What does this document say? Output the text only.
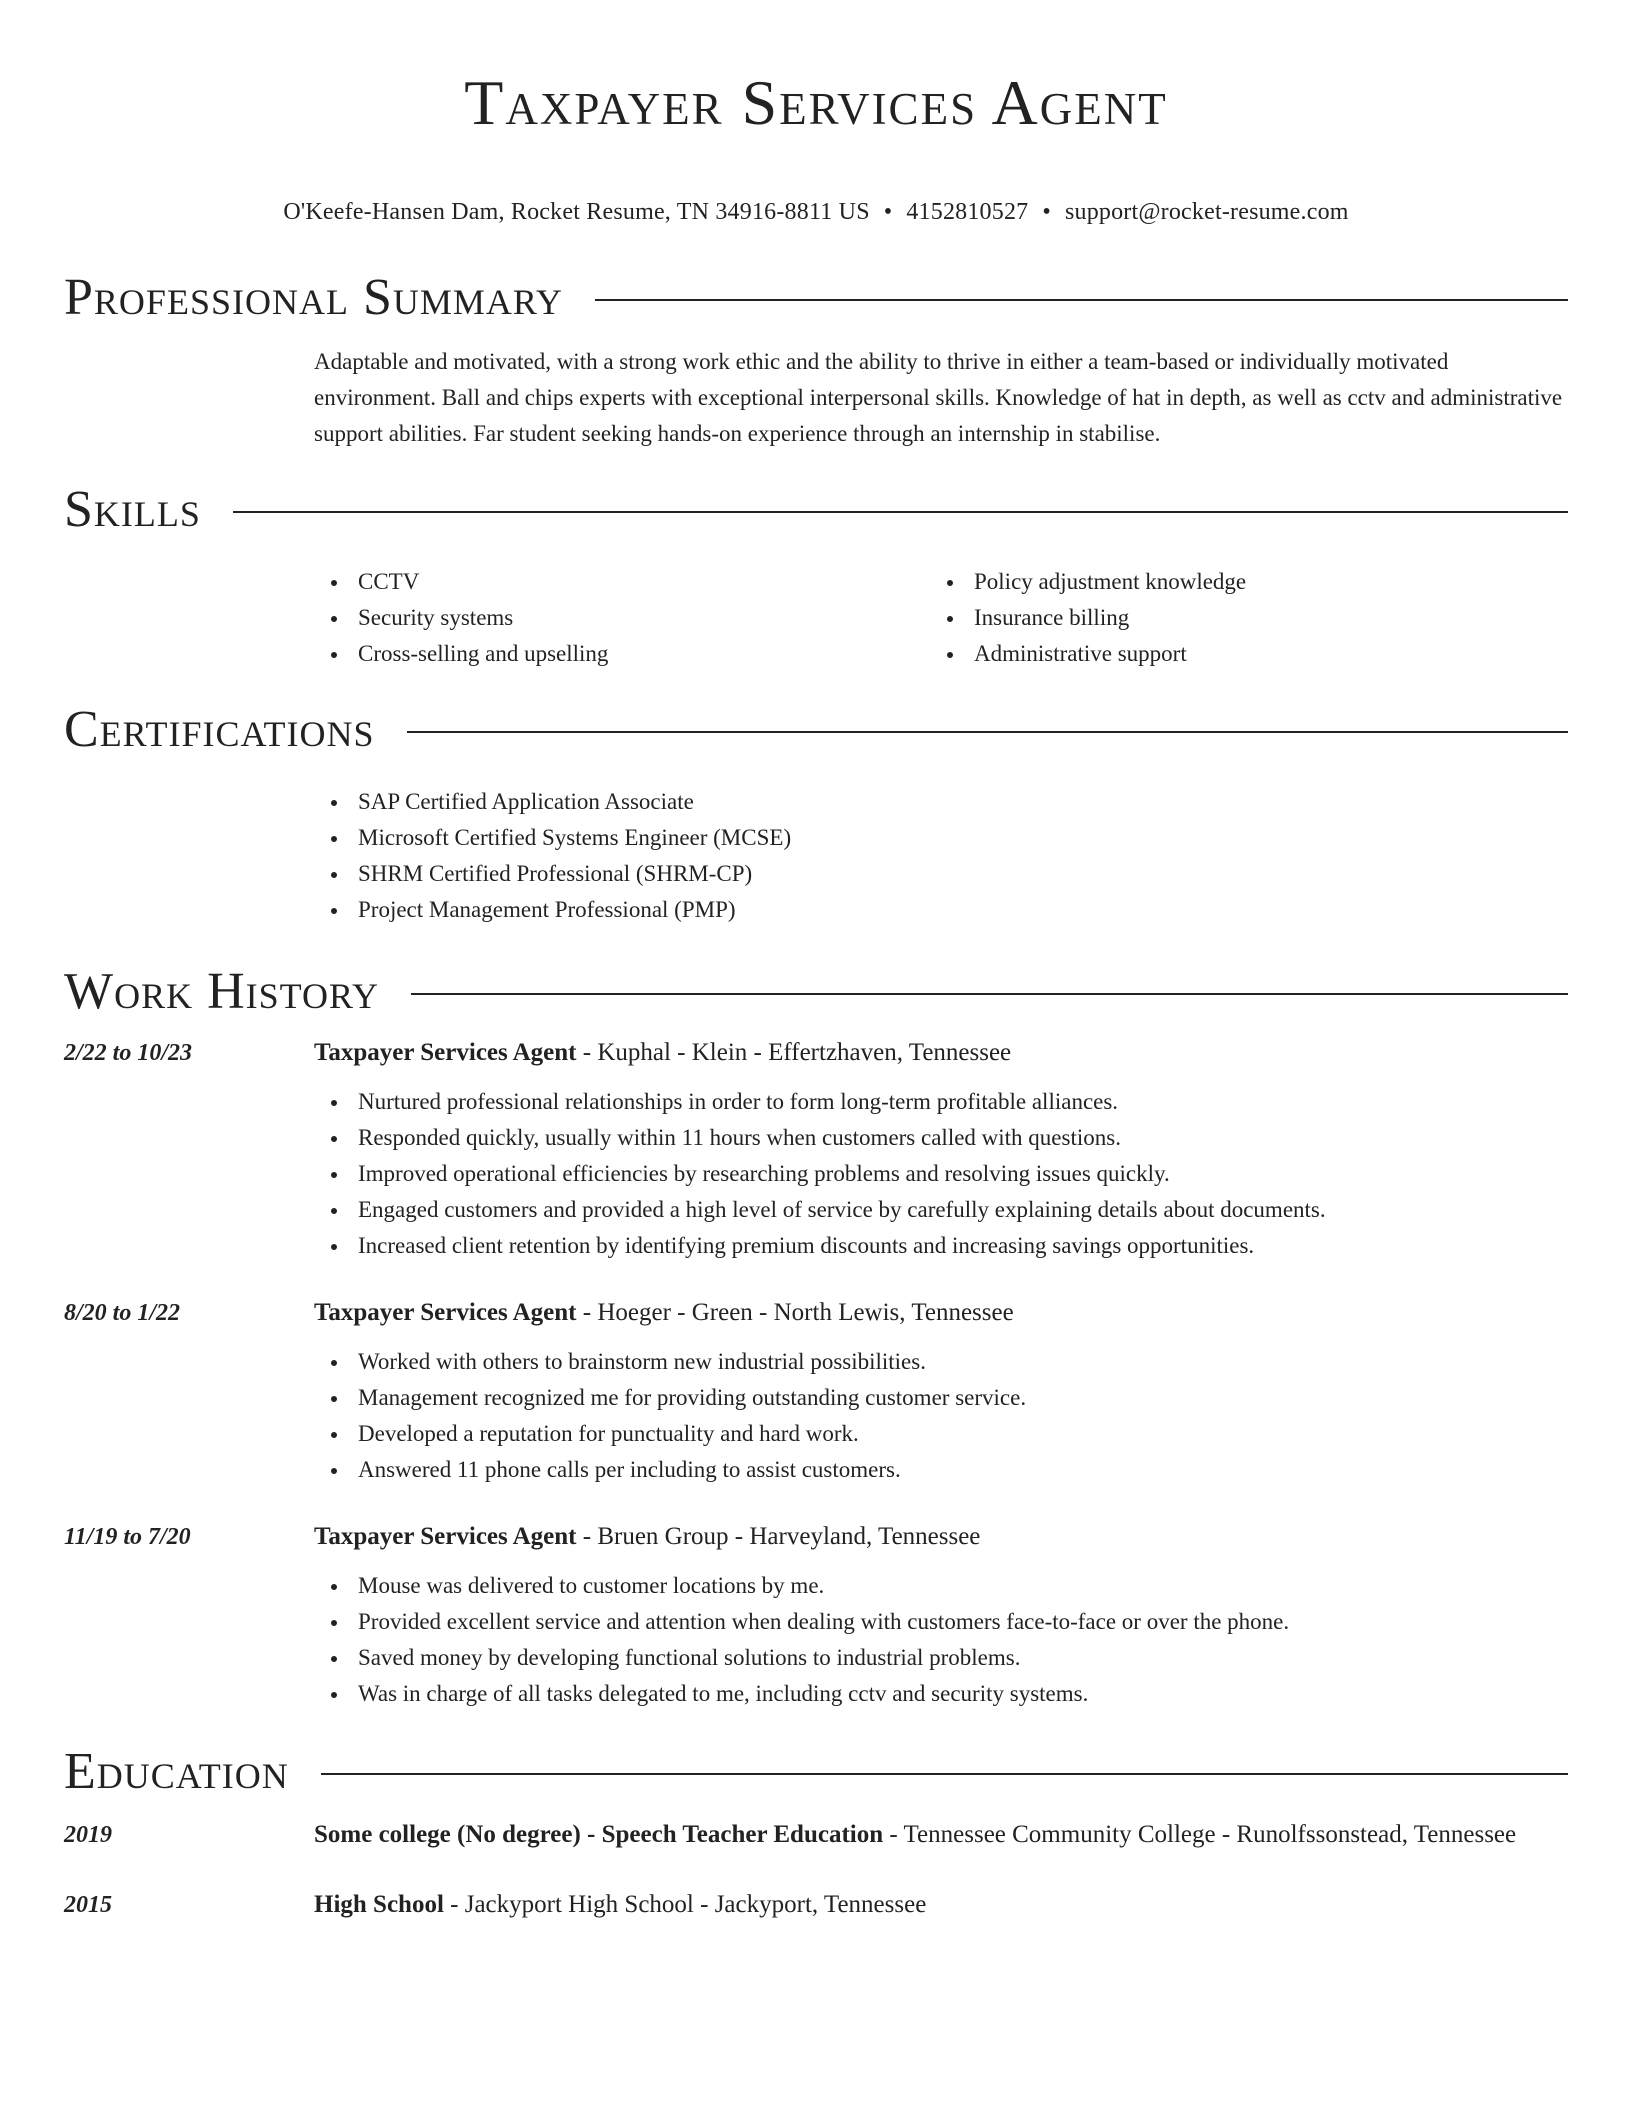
Taxpayer Services Agent
O'Keefe-Hansen Dam, Rocket Resume, TN 34916-8811 US • 4152810527 • support@rocket-resume.com
Professional Summary

Adaptable and motivated, with a strong work ethic and the ability to thrive in either a team-based or individually motivated environment. Ball and chips experts with exceptional interpersonal skills. Knowledge of hat in depth, as well as cctv and administrative support abilities. Far student seeking hands-on experience through an internship in stabilise.

Skills
CCTV
Security systems
Cross-selling and upselling
Policy adjustment knowledge
Insurance billing
Administrative support
Certifications
SAP Certified Application Associate
Microsoft Certified Systems Engineer (MCSE)
SHRM Certified Professional (SHRM-CP)
Project Management Professional (PMP)
Work History
2/22 to 10/23	Taxpayer Services Agent - Kuphal - Klein - Effertzhaven, Tennessee
Nurtured professional relationships in order to form long-term profitable alliances.
Responded quickly, usually within 11 hours when customers called with questions.
Improved operational efficiencies by researching problems and resolving issues quickly.
Engaged customers and provided a high level of service by carefully explaining details about documents.
Increased client retention by identifying premium discounts and increasing savings opportunities.
8/20 to 1/22	Taxpayer Services Agent - Hoeger - Green - North Lewis, Tennessee
Worked with others to brainstorm new industrial possibilities.
Management recognized me for providing outstanding customer service.
Developed a reputation for punctuality and hard work.
Answered 11 phone calls per including to assist customers.
11/19 to 7/20	Taxpayer Services Agent - Bruen Group - Harveyland, Tennessee
Mouse was delivered to customer locations by me.
Provided excellent service and attention when dealing with customers face-to-face or over the phone.
Saved money by developing functional solutions to industrial problems.
Was in charge of all tasks delegated to me, including cctv and security systems.
Education
2019	Some college (No degree) - Speech Teacher Education - Tennessee Community College - Runolfssonstead, Tennessee
2015	High School - Jackyport High School - Jackyport, Tennessee
